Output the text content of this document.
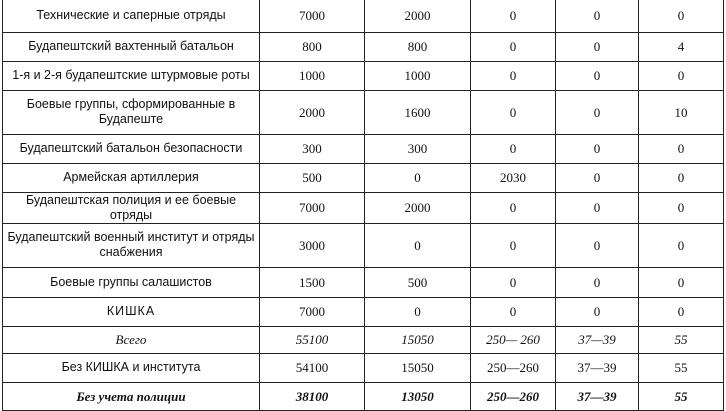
Технические и саперные отряды	7000	2000	0	0	0
Будапештский вахтенный батальон	800	800	0	0	4
1-я и 2-я будапештские штурмовые роты	1000	1000	0	0	0
Боевые группы, сформированные в Будапеште	2000	1600	0	0	10
Будапештский батальон безопасности	300	300	0	0	0
Армейская артиллерия	500	0	2030	0	0
Будапештская полиция и ее боевые отряды	7000	2000	0	0	0
Будапештский военный институт и отряды снабжения	3000	0	0	0	0
Боевые группы салашистов	1500	500	0	0	0
КИШКА	7000	0	0	0	0
Всего	55100	15050	250— 260	37—39	55
Без КИШКА и института	54100	15050	250—260	37—39	55
Без учета полиции	38100	13050	250—260	37—39	55
